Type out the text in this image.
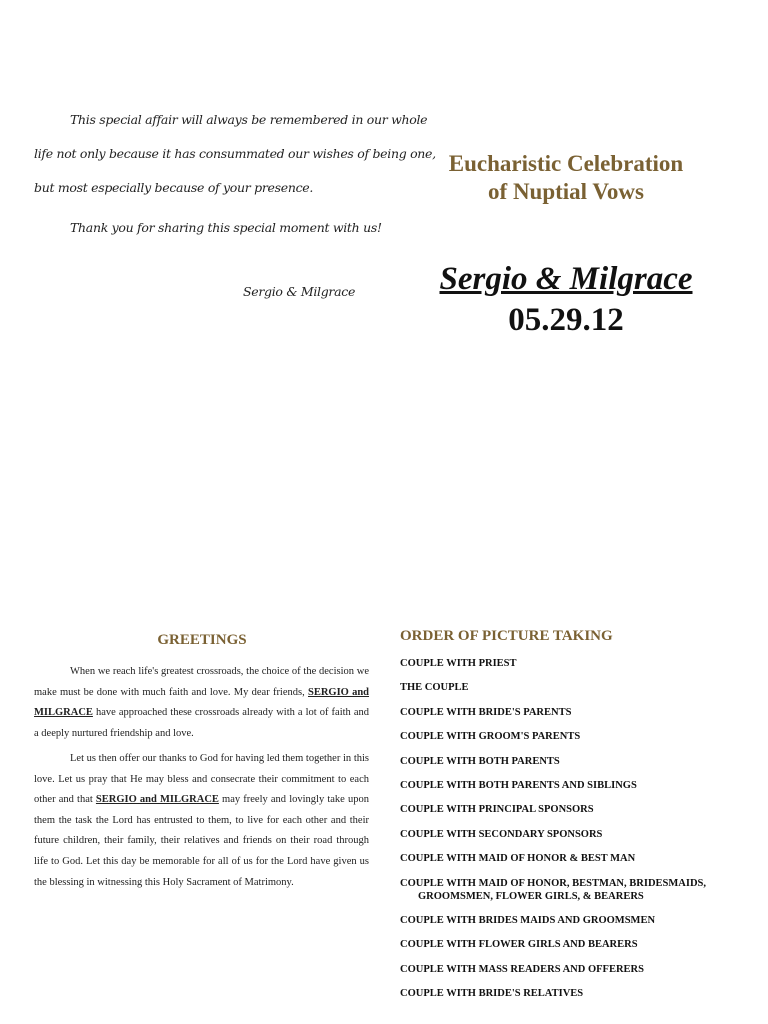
This special affair will always be remembered in our whole
life not only because it has consummated our wishes of being one,
but most especially because of your presence.
Thank you for sharing this special moment with us!
Sergio & Milgrace
Eucharistic Celebration
of Nuptial Vows
Sergio & Milgrace
05.29.12
GREETINGS
When we reach life's greatest crossroads, the choice of the decision we make must be done with much faith and love. My dear friends, SERGIO and MILGRACE have approached these crossroads already with a lot of faith and a deeply nurtured friendship and love.
Let us then offer our thanks to God for having led them together in this love. Let us pray that He may bless and consecrate their commitment to each other and that SERGIO and MILGRACE may freely and lovingly take upon them the task the Lord has entrusted to them, to live for each other and their future children, their family, their relatives and friends on their road through life to God. Let this day be memorable for all of us for the Lord have given us the blessing in witnessing this Holy Sacrament of Matrimony.
ORDER OF PICTURE TAKING
COUPLE WITH PRIEST
THE COUPLE
COUPLE WITH BRIDE'S PARENTS
COUPLE WITH GROOM'S PARENTS
COUPLE WITH BOTH PARENTS
COUPLE WITH BOTH PARENTS AND SIBLINGS
COUPLE WITH PRINCIPAL SPONSORS
COUPLE WITH SECONDARY SPONSORS
COUPLE WITH MAID OF HONOR & BEST MAN
COUPLE WITH MAID OF HONOR, BESTMAN, BRIDESMAIDS, GROOMSMEN, FLOWER GIRLS, & BEARERS
COUPLE WITH BRIDES MAIDS AND GROOMSMEN
COUPLE WITH FLOWER GIRLS AND BEARERS
COUPLE WITH MASS READERS AND OFFERERS
COUPLE WITH BRIDE'S RELATIVES
